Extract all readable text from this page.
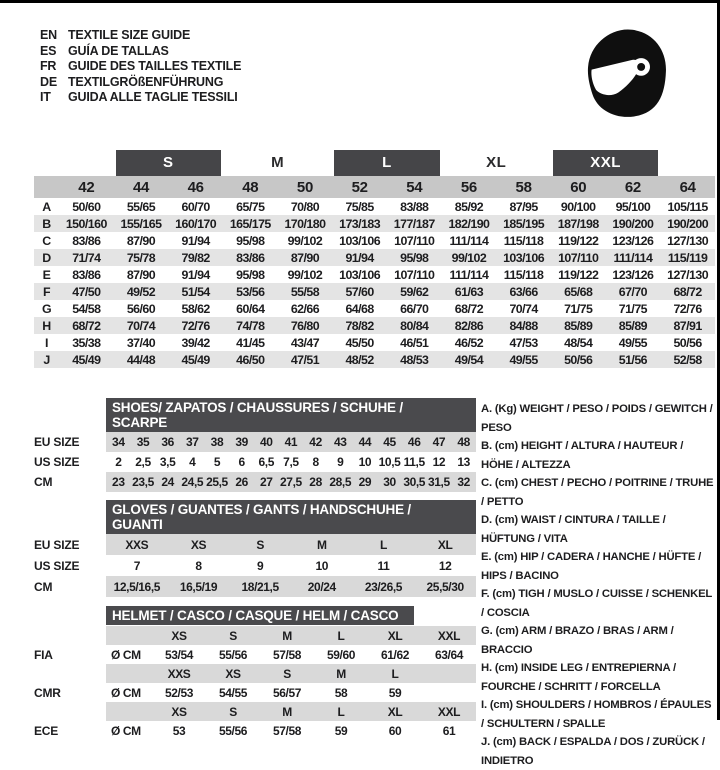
EN TEXTILE SIZE GUIDE
ES GUÍA DE TALLAS
FR GUIDE DES TAILLES TEXTILE
DE TEXTILGRÖßENFÜHRUNG
IT	GUIDA ALLE TAGLIE TESSILI

		S		M		L		XL		XXL		

	42	44	46	48	50	52	54	56	58	60	62	64
A	50/60	55/65	60/70	65/75	70/80	75/85	83/88	85/92	87/95	90/100	95/100	105/115
B	150/160	155/165	160/170	165/175	170/180	173/183	177/187	182/190	185/195	187/198	190/200	190/200
C	83/86	87/90	91/94	95/98	99/102	103/106	107/110	111/114	115/118	119/122	123/126	127/130
D	71/74	75/78	79/82	83/86	87/90	91/94	95/98	99/102	103/106	107/110	111/114	115/119
E	83/86	87/90	91/94	95/98	99/102	103/106	107/110	111/114	115/118	119/122	123/126	127/130
F	47/50	49/52	51/54	53/56	55/58	57/60	59/62	61/63	63/66	65/68	67/70	68/72
G	54/58	56/60	58/62	60/64	62/66	64/68	66/70	68/72	70/74	71/75	71/75	72/76
H	68/72	70/74	72/76	74/78	76/80	78/82	80/84	82/86	84/88	85/89	85/89	87/91
I	35/38	37/40	39/42	41/45	43/47	45/50	46/51	46/52	47/53	48/54	49/55	50/56
J	45/49	44/48	45/49	46/50	47/51	48/52	48/53	49/54	49/55	50/56	51/56	52/58
	SHOES/ ZAPATOS / CHAUSSURES / SCHUHE / SCARPE														
EU SIZE	34	35	36	37	38	39	40	41	42	43	44	45	46	47	48
US SIZE	2	2,5	3,5	4	5	6	6,5	7,5	8	9	10	10,5	11,5	12	13
CM	23	23,5	24	24,5	25,5	26	27	27,5	28	28,5	29	30	30,5	31,5	32
	GLOVES / GUANTES / GANTS / HANDSCHUHE / GUANTI					
EU SIZE	XXS	XS	S	M	L	XL
US SIZE	7	8	9	10	11	12
CM	12,5/16,5	16,5/19	18/21,5	20/24	23/26,5	25,5/30
	HELMET / CASCO / CASQUE / HELM / CASCO						
		XS	S	M	L	XL	XXL
FIA	Ø CM	53/54	55/56	57/58	59/60	61/62	63/64
		XXS	XS	S	M	L	
CMR	Ø CM	52/53	54/55	56/57	58	59	
		XS	S	M	L	XL	XXL
ECE	Ø CM	53	55/56	57/58	59	60	61
A. (Kg) WEIGHT / PESO / POIDS / GEWITCH / PESO
B. (cm) HEIGHT / ALTURA / HAUTEUR / HÖHE / ALTEZZA
C. (cm) CHEST / PECHO / POITRINE / TRUHE / PETTO
D. (cm) WAIST / CINTURA / TAILLE / HÜFTUNG / VITA
E. (cm) HIP / CADERA / HANCHE / HÜFTE / HIPS / BACINO
F. (cm) TIGH / MUSLO / CUISSE / SCHENKEL / COSCIA
G. (cm) ARM / BRAZO / BRAS / ARM / BRACCIO
H. (cm) INSIDE LEG / ENTREPIERNA / FOURCHE / SCHRITT / FORCELLA
I. (cm) SHOULDERS / HOMBROS / ÉPAULES / SCHULTERN / SPALLE
J. (cm) BACK / ESPALDA / DOS / ZURÜCK / INDIETRO
